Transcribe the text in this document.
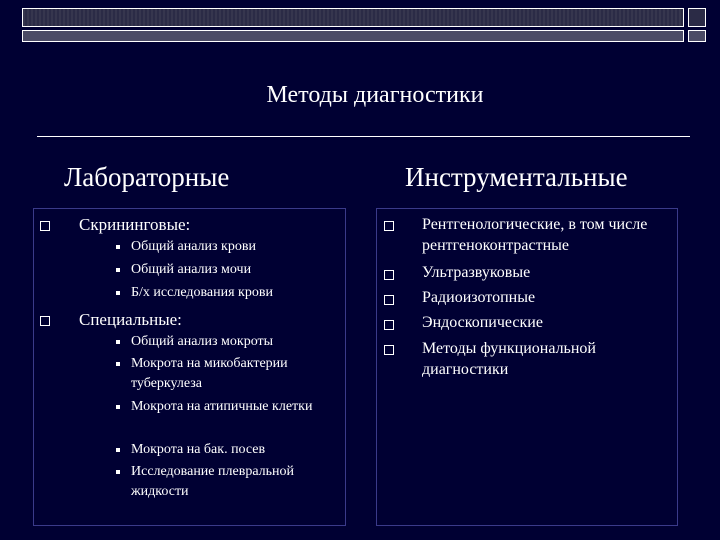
Методы диагностики
Лабораторные	Инструментальные
Скрининговые:
Общий анализ крови
Общий анализ мочи
Б/х исследования крови
Специальные:
Общий анализ мокроты
Мокрота на микобактерии туберкулеза
Мокрота на атипичные клетки
Мокрота на бак. посев
Исследование плевральной жидкости
Рентгенологические, в том числе рентгеноконтрастные
Ультразвуковые
Радиоизотопные
Эндоскопические
Методы функциональной диагностики
